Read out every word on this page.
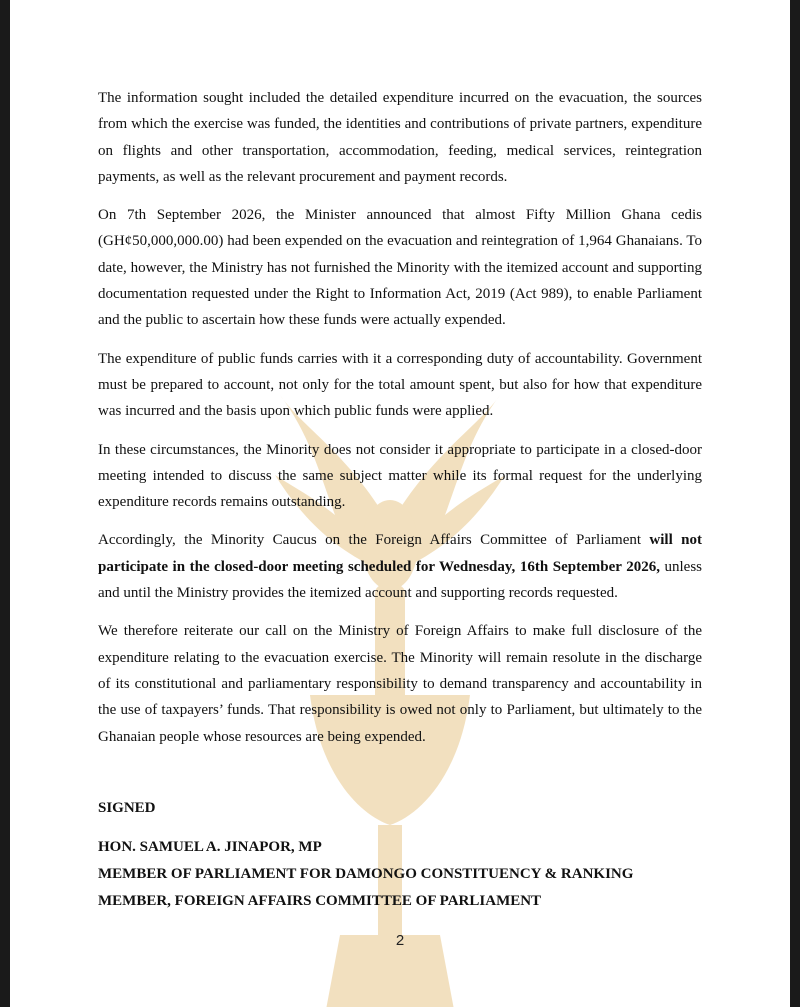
The information sought included the detailed expenditure incurred on the evacuation, the sources from which the exercise was funded, the identities and contributions of private partners, expenditure on flights and other transportation, accommodation, feeding, medical services, reintegration payments, as well as the relevant procurement and payment records.

On 7th September 2026, the Minister announced that almost Fifty Million Ghana cedis (GH¢50,000,000.00) had been expended on the evacuation and reintegration of 1,964 Ghanaians. To date, however, the Ministry has not furnished the Minority with the itemized account and supporting documentation requested under the Right to Information Act, 2019 (Act 989), to enable Parliament and the public to ascertain how these funds were actually expended.

The expenditure of public funds carries with it a corresponding duty of accountability. Government must be prepared to account, not only for the total amount spent, but also for how that expenditure was incurred and the basis upon which public funds were applied.

In these circumstances, the Minority does not consider it appropriate to participate in a closed-door meeting intended to discuss the same subject matter while its formal request for the underlying expenditure records remains outstanding.

Accordingly, the Minority Caucus on the Foreign Affairs Committee of Parliament will not participate in the closed-door meeting scheduled for Wednesday, 16th September 2026, unless and until the Ministry provides the itemized account and supporting records requested.

We therefore reiterate our call on the Ministry of Foreign Affairs to make full disclosure of the expenditure relating to the evacuation exercise. The Minority will remain resolute in the discharge of its constitutional and parliamentary responsibility to demand transparency and accountability in the use of taxpayers’ funds. That responsibility is owed not only to Parliament, but ultimately to the Ghanaian people whose resources are being expended.

SIGNED
HON. SAMUEL A. JINAPOR, MP
MEMBER OF PARLIAMENT FOR DAMONGO CONSTITUENCY & RANKING
MEMBER, FOREIGN AFFAIRS COMMITTEE OF PARLIAMENT
2
